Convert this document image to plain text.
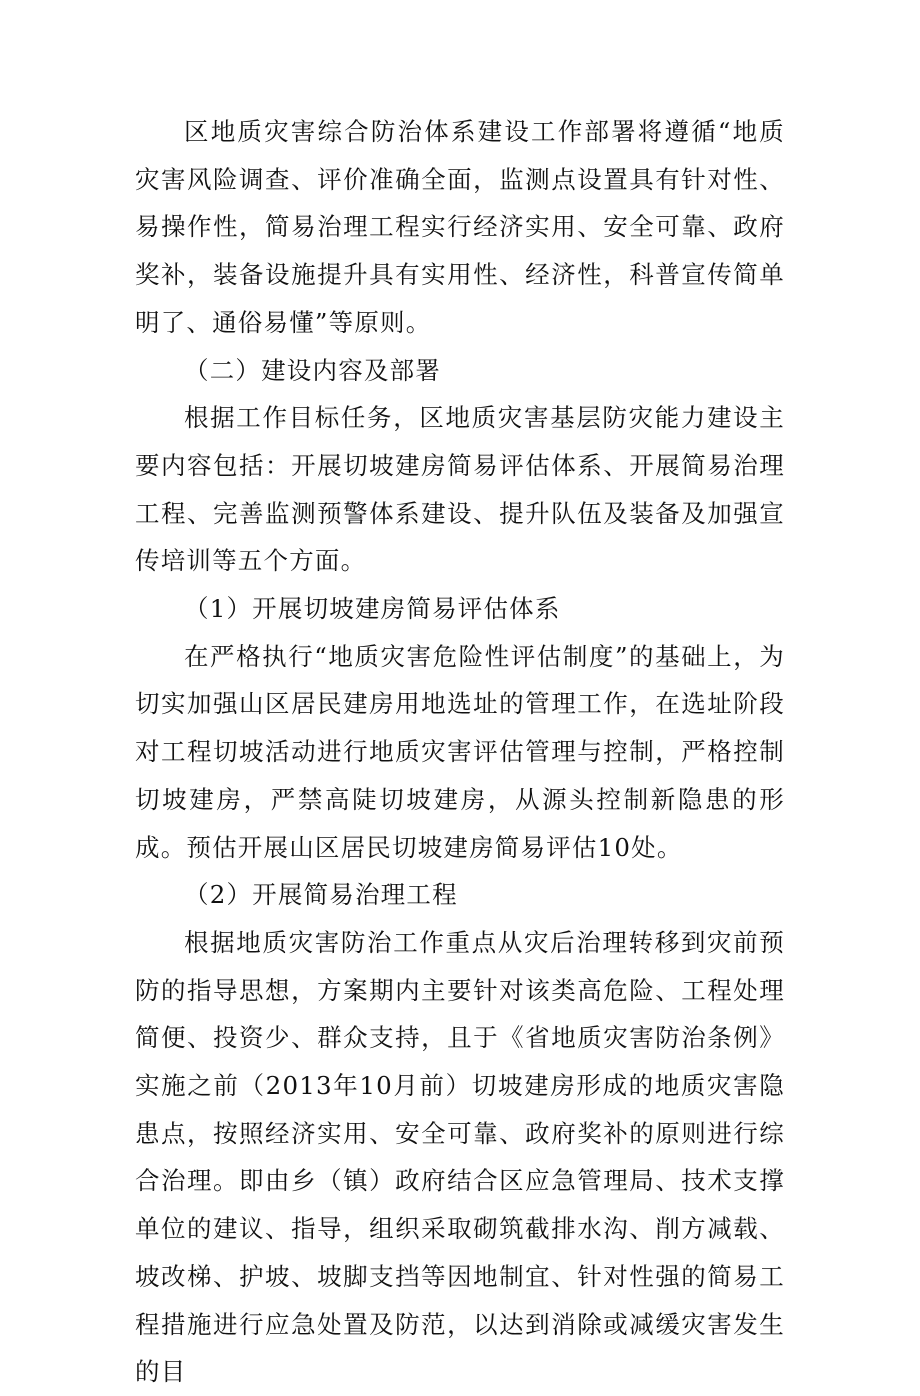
区地质灾害综合防治体系建设工作部署将遵循“地质灾害风险调查、评价准确全面，监测点设置具有针对性、易操作性，简易治理工程实行经济实用、安全可靠、政府奖补，装备设施提升具有实用性、经济性，科普宣传简单明了、通俗易懂”等原则。

（二）建设内容及部署

根据工作目标任务，区地质灾害基层防灾能力建设主要内容包括：开展切坡建房简易评估体系、开展简易治理工程、完善监测预警体系建设、提升队伍及装备及加强宣传培训等五个方面。

（1）开展切坡建房简易评估体系

在严格执行“地质灾害危险性评估制度”的基础上，为切实加强山区居民建房用地选址的管理工作，在选址阶段对工程切坡活动进行地质灾害评估管理与控制，严格控制切坡建房，严禁高陡切坡建房，从源头控制新隐患的形成。预估开展山区居民切坡建房简易评估10处。

（2）开展简易治理工程

根据地质灾害防治工作重点从灾后治理转移到灾前预防的指导思想，方案期内主要针对该类高危险、工程处理简便、投资少、群众支持，且于《省地质灾害防治条例》实施之前（2013年10月前）切坡建房形成的地质灾害隐患点，按照经济实用、安全可靠、政府奖补的原则进行综合治理。即由乡（镇）政府结合区应急管理局、技术支撑单位的建议、指导，组织采取砌筑截排水沟、削方减载、坡改梯、护坡、坡脚支挡等因地制宜、针对性强的简易工程措施进行应急处置及防范，以达到消除或减缓灾害发生的目
